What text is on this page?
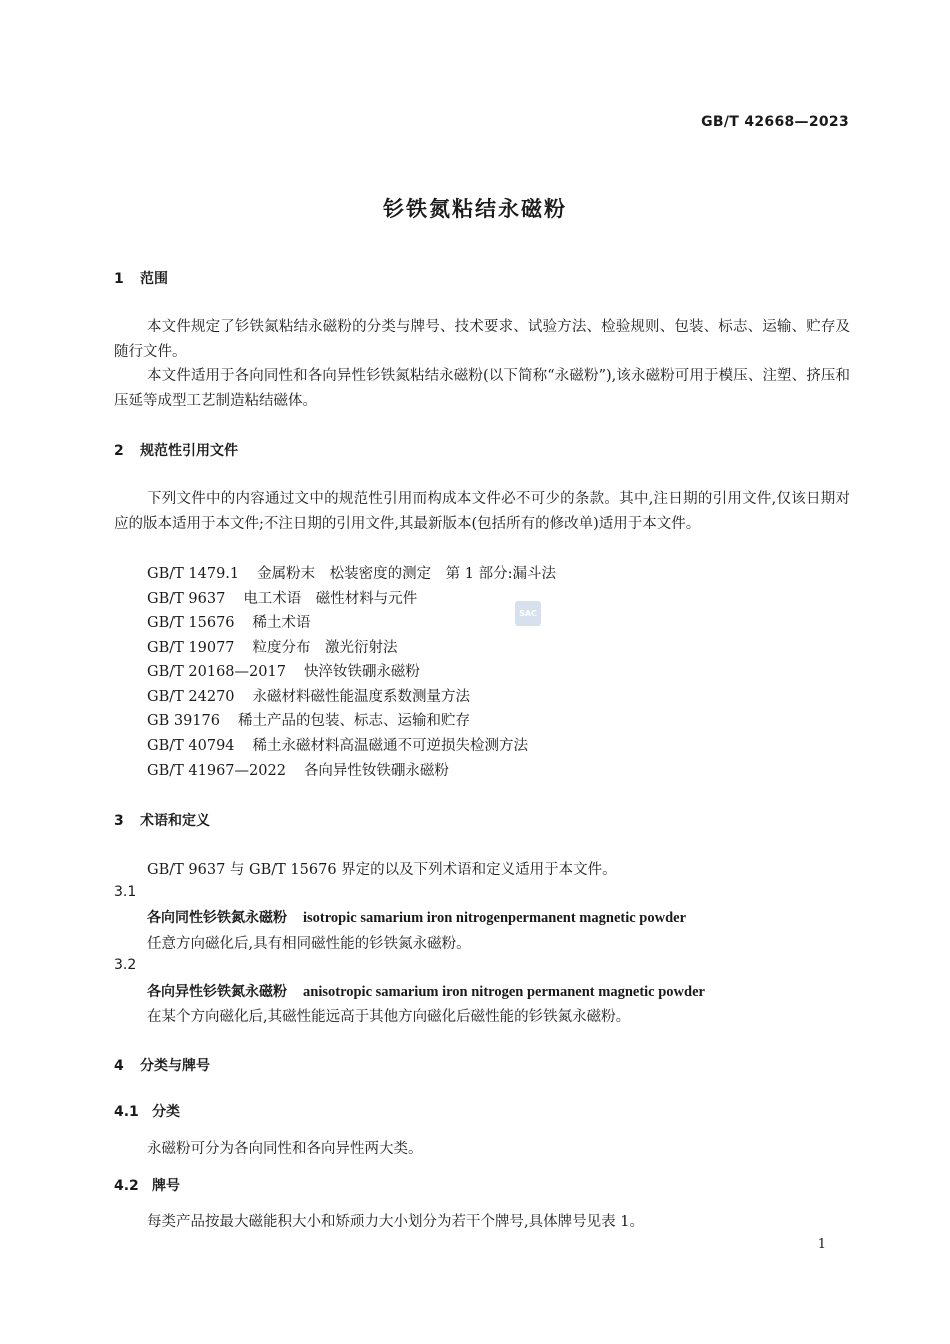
GB/T 42668—2023
钐铁氮粘结永磁粉
1 范围
本文件规定了钐铁氮粘结永磁粉的分类与牌号、技术要求、试验方法、检验规则、包装、标志、运输、贮存及随行文件。
本文件适用于各向同性和各向异性钐铁氮粘结永磁粉(以下简称“永磁粉”),该永磁粉可用于模压、注塑、挤压和压延等成型工艺制造粘结磁体。
2 规范性引用文件
下列文件中的内容通过文中的规范性引用而构成本文件必不可少的条款。其中,注日期的引用文件,仅该日期对应的版本适用于本文件;不注日期的引用文件,其最新版本(包括所有的修改单)适用于本文件。
GB/T 1479.1 金属粉末　松装密度的测定　第 1 部分:漏斗法
GB/T 9637 电工术语　磁性材料与元件
GB/T 15676 稀土术语
GB/T 19077 粒度分布　激光衍射法
GB/T 20168—2017 快淬钕铁硼永磁粉
GB/T 24270 永磁材料磁性能温度系数测量方法
GB 39176 稀土产品的包装、标志、运输和贮存
GB/T 40794 稀土永磁材料高温磁通不可逆损失检测方法
GB/T 41967—2022 各向异性钕铁硼永磁粉
SAC
3 术语和定义
GB/T 9637 与 GB/T 15676 界定的以及下列术语和定义适用于本文件。
3.1
各向同性钐铁氮永磁粉 isotropic samarium iron nitrogenpermanent magnetic powder
任意方向磁化后,具有相同磁性能的钐铁氮永磁粉。
3.2
各向异性钐铁氮永磁粉 anisotropic samarium iron nitrogen permanent magnetic powder
在某个方向磁化后,其磁性能远高于其他方向磁化后磁性能的钐铁氮永磁粉。
4 分类与牌号
4.1 分类
永磁粉可分为各向同性和各向异性两大类。
4.2 牌号
每类产品按最大磁能积大小和矫顽力大小划分为若干个牌号,具体牌号见表 1。
1
